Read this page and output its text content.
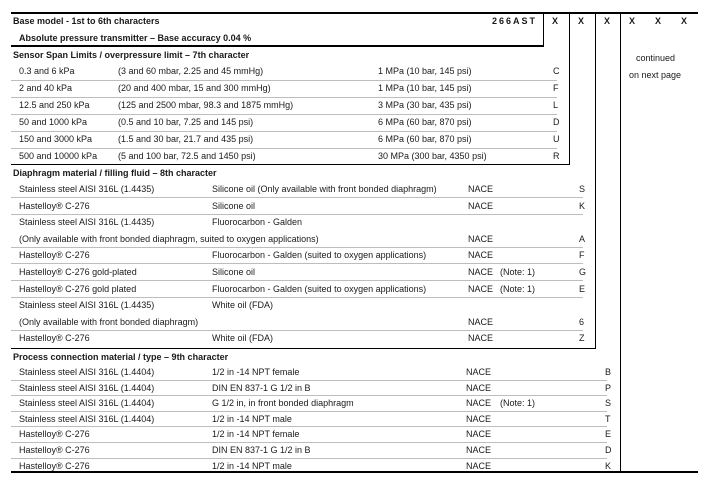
Base model - 1st to 6th characters
Absolute pressure transmitter – Base accuracy 0.04 %
266AST X X X X X X
continued
on next page
Sensor Span Limits / overpressure limit – 7th character
0.3 and 6 kPa	(3 and 60 mbar, 2.25 and 45 mmHg)	1 MPa (10 bar, 145 psi)	C
2 and 40 kPa	(20 and 400 mbar, 15 and 300 mmHg)	1 MPa (10 bar, 145 psi)	F
12.5 and 250 kPa	(125 and 2500 mbar, 98.3 and 1875 mmHg)	3 MPa (30 bar, 435 psi)	L
50 and 1000 kPa	(0.5 and 10 bar, 7.25 and 145 psi)	6 MPa (60 bar, 870 psi)	D
150 and 3000 kPa	(1.5 and 30 bar, 21.7 and 435 psi)	6 MPa (60 bar, 870 psi)	U
500 and 10000 kPa (5 and 100 bar, 72.5 and 1450 psi)	30 MPa (300 bar, 4350 psi)	R
Diaphragm material / filling fluid – 8th character
Stainless steel AISI 316L (1.4435)	Silicone oil (Only available with front bonded diaphragm)	NACE	S
Hastelloy® C-276	Silicone oil	NACE	K
Stainless steel AISI 316L (1.4435)	Fluorocarbon - Galden
(Only available with front bonded diaphragm, suited to oxygen applications)	NACE	A
Hastelloy® C-276	Fluorocarbon - Galden (suited to oxygen applications)	NACE	F
Hastelloy® C-276 gold-plated	Silicone oil	NACE (Note: 1)	G
Hastelloy® C-276 gold plated	Fluorocarbon - Galden (suited to oxygen applications)	NACE (Note: 1)	E
Stainless steel AISI 316L (1.4435)	White oil (FDA)
(Only available with front bonded diaphragm)	NACE	6
Hastelloy® C-276	White oil (FDA)	NACE	Z
Process connection material / type – 9th character
Stainless steel AISI 316L (1.4404)	1/2 in -14 NPT female	NACE	B
Stainless steel AISI 316L (1.4404)	DIN EN 837-1 G 1/2 in B	NACE	P
Stainless steel AISI 316L (1.4404)	G 1/2 in, in front bonded diaphragm	NACE (Note: 1)	S
Stainless steel AISI 316L (1.4404)	1/2 in -14 NPT male	NACE	T
Hastelloy® C-276	1/2 in -14 NPT female	NACE	E
Hastelloy® C-276	DIN EN 837-1 G 1/2 in B	NACE	D
Hastelloy® C-276	1/2 in -14 NPT male	NACE	K
